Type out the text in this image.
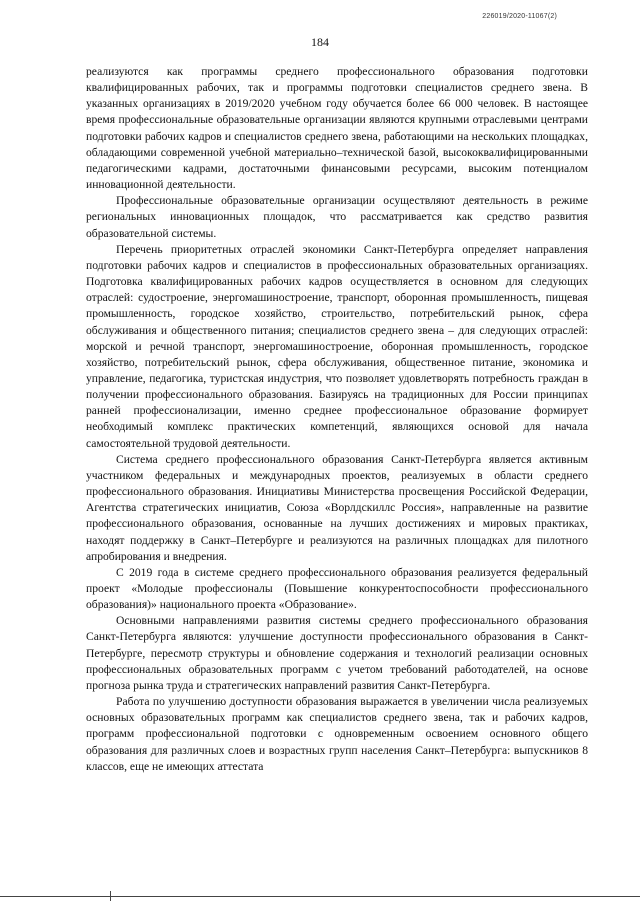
226019/2020-11067(2)
184

реализуются как программы среднего профессионального образования подготовки квалифицированных рабочих, так и программы подготовки специалистов среднего звена. В указанных организациях в 2019/2020 учебном году обучается более 66 000 человек. В настоящее время профессиональные образовательные организации являются крупными отраслевыми центрами подготовки рабочих кадров и специалистов среднего звена, работающими на нескольких площадках, обладающими современной учебной материально–технической базой, высококвалифицированными педагогическими кадрами, достаточными финансовыми ресурсами, высоким потенциалом инновационной деятельности.

Профессиональные образовательные организации осуществляют деятельность в режиме региональных инновационных площадок, что рассматривается как средство развития образовательной системы.

Перечень приоритетных отраслей экономики Санкт-Петербурга определяет направления подготовки рабочих кадров и специалистов в профессиональных образовательных организациях. Подготовка квалифицированных рабочих кадров осуществляется в основном для следующих отраслей: судостроение, энергомашиностроение, транспорт, оборонная промышленность, пищевая промышленность, городское хозяйство, строительство, потребительский рынок, сфера обслуживания и общественного питания; специалистов среднего звена – для следующих отраслей: морской и речной транспорт, энергомашиностроение, оборонная промышленность, городское хозяйство, потребительский рынок, сфера обслуживания, общественное питание, экономика и управление, педагогика, туристская индустрия, что позволяет удовлетворять потребность граждан в получении профессионального образования. Базируясь на традиционных для России принципах ранней профессионализации, именно среднее профессиональное образование формирует необходимый комплекс практических компетенций, являющихся основой для начала самостоятельной трудовой деятельности.

Система среднего профессионального образования Санкт-Петербурга является активным участником федеральных и международных проектов, реализуемых в области среднего профессионального образования. Инициативы Министерства просвещения Российской Федерации, Агентства стратегических инициатив, Союза «Ворлдскиллс Россия», направленные на развитие профессионального образования, основанные на лучших достижениях и мировых практиках, находят поддержку в Санкт–Петербурге и реализуются на различных площадках для пилотного апробирования и внедрения.

С 2019 года в системе среднего профессионального образования реализуется федеральный проект «Молодые профессионалы (Повышение конкурентоспособности профессионального образования)» национального проекта «Образование».

Основными направлениями развития системы среднего профессионального образования Санкт-Петербурга являются: улучшение доступности профессионального образования в Санкт-Петербурге, пересмотр структуры и обновление содержания и технологий реализации основных профессиональных образовательных программ с учетом требований работодателей, на основе прогноза рынка труда и стратегических направлений развития Санкт-Петербурга.

Работа по улучшению доступности образования выражается в увеличении числа реализуемых основных образовательных программ как специалистов среднего звена, так и рабочих кадров, программ профессиональной подготовки с одновременным освоением основного общего образования для различных слоев и возрастных групп населения Санкт–Петербурга: выпускников 8 классов, еще не имеющих аттестата
